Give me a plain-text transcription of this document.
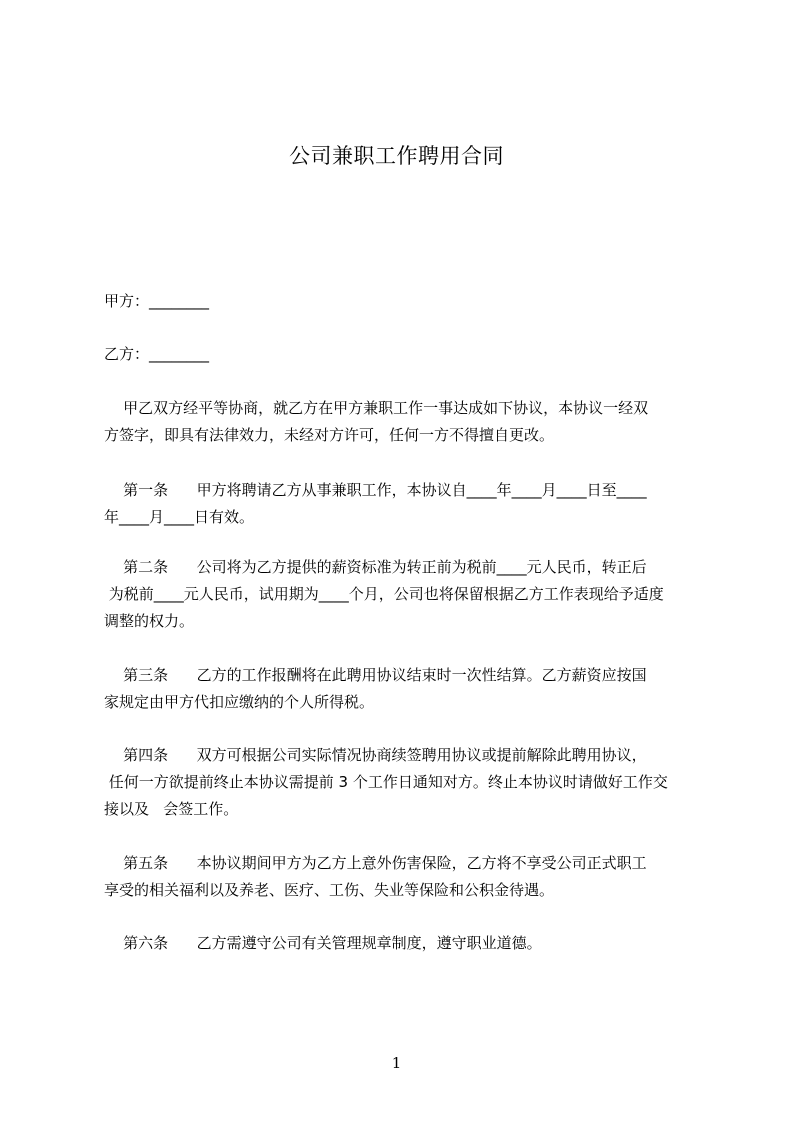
公司兼职工作聘用合同
甲方：________
乙方：________
甲乙双方经平等协商，就乙方在甲方兼职工作一事达成如下协议，本协议一经双
方签字，即具有法律效力，未经对方许可，任何一方不得擅自更改。
第一条      甲方将聘请乙方从事兼职工作，本协议自____年____月____日至____
年____月____日有效。
第二条      公司将为乙方提供的薪资标准为转正前为税前____元人民币，转正后
为税前____元人民币，试用期为____个月，公司也将保留根据乙方工作表现给予适度
调整的权力。
第三条      乙方的工作报酬将在此聘用协议结束时一次性结算。乙方薪资应按国
家规定由甲方代扣应缴纳的个人所得税。
第四条      双方可根据公司实际情况协商续签聘用协议或提前解除此聘用协议，
任何一方欲提前终止本协议需提前 3 个工作日通知对方。终止本协议时请做好工作交
接以及   会签工作。
第五条      本协议期间甲方为乙方上意外伤害保险，乙方将不享受公司正式职工
享受的相关福利以及养老、医疗、工伤、失业等保险和公积金待遇。
第六条      乙方需遵守公司有关管理规章制度，遵守职业道德。
1
